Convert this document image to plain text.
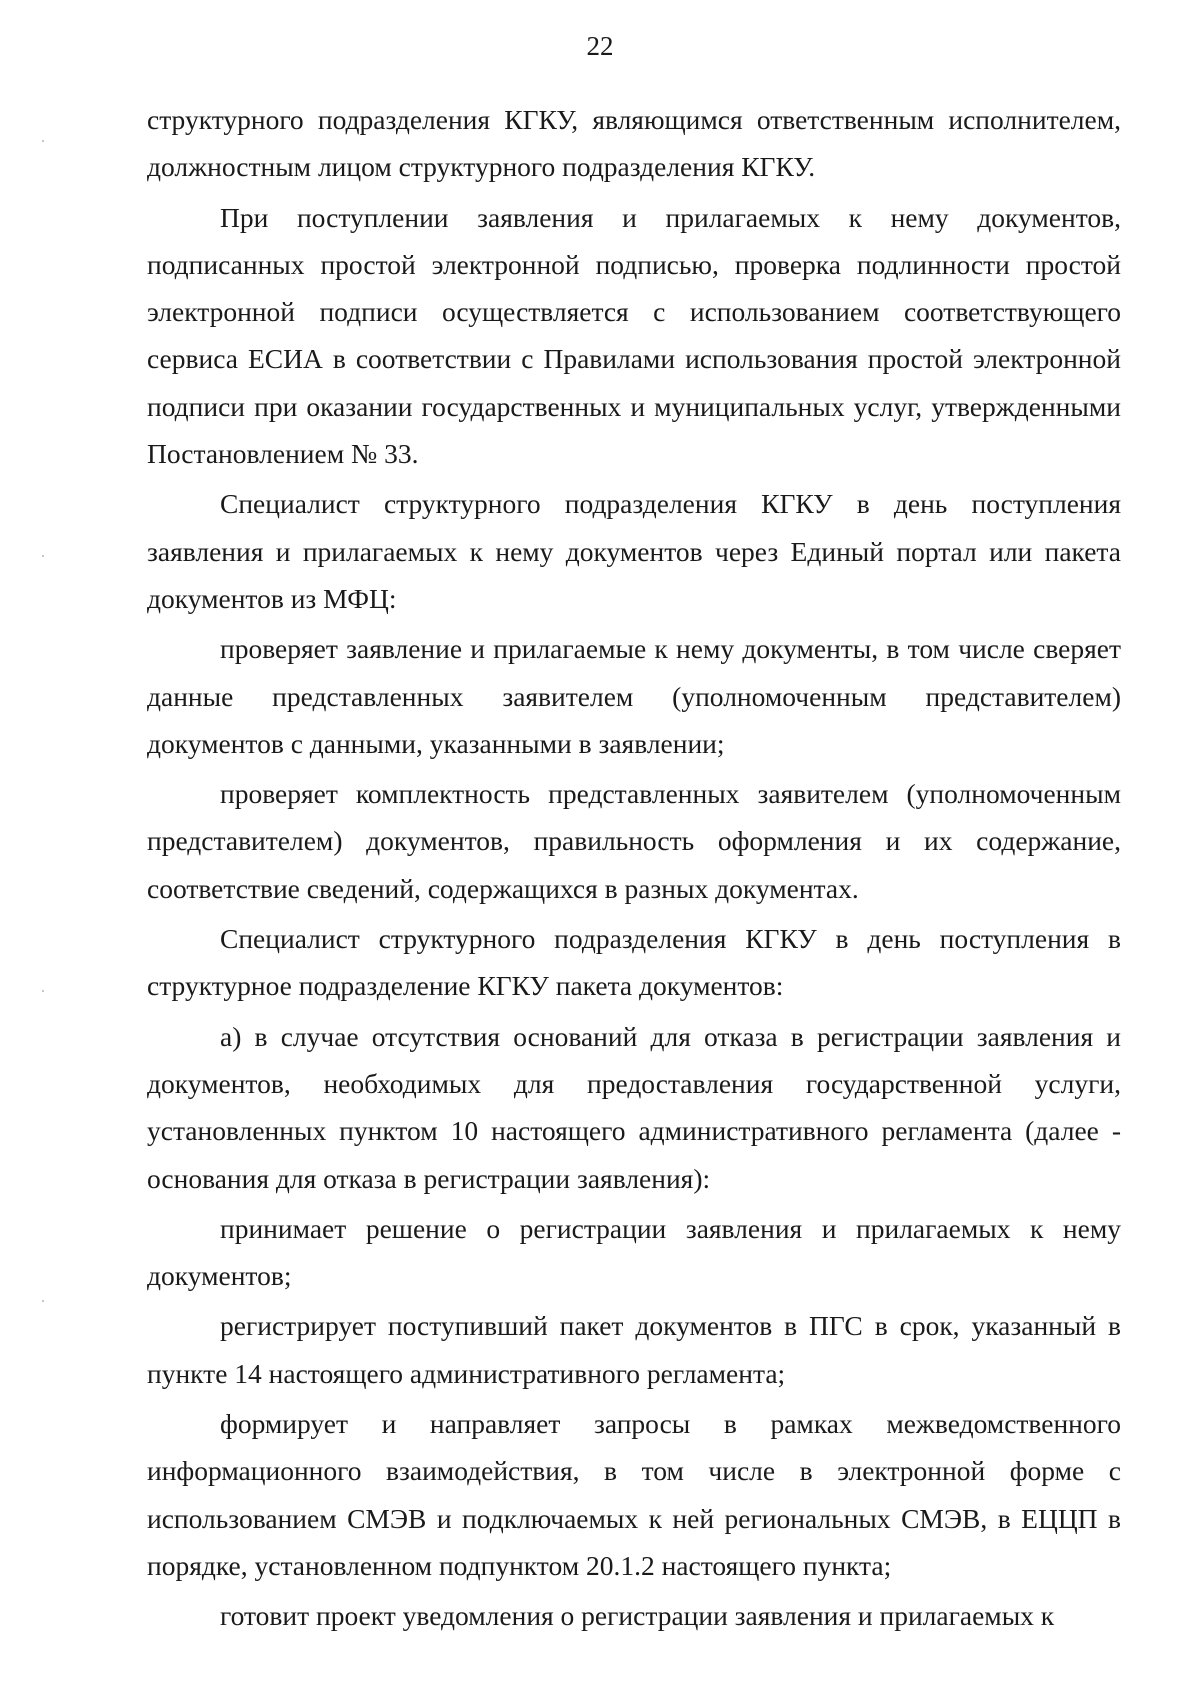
22

структурного подразделения КГКУ, являющимся ответственным исполнителем, должностным лицом структурного подразделения КГКУ.

При поступлении заявления и прилагаемых к нему документов, подписанных простой электронной подписью, проверка подлинности простой электронной подписи осуществляется с использованием соответствующего сервиса ЕСИА в соответствии с Правилами использования простой электронной подписи при оказании государственных и муниципальных услуг, утвержденными Постановлением № 33.

Специалист структурного подразделения КГКУ в день поступления заявления и прилагаемых к нему документов через Единый портал или пакета документов из МФЦ:

проверяет заявление и прилагаемые к нему документы, в том числе сверяет данные представленных заявителем (уполномоченным представителем) документов с данными, указанными в заявлении;

проверяет комплектность представленных заявителем (уполномоченным представителем) документов, правильность оформления и их содержание, соответствие сведений, содержащихся в разных документах.

Специалист структурного подразделения КГКУ в день поступления в структурное подразделение КГКУ пакета документов:

а) в случае отсутствия оснований для отказа в регистрации заявления и документов, необходимых для предоставления государственной услуги, установленных пунктом 10 настоящего административного регламента (далее - основания для отказа в регистрации заявления):

принимает решение о регистрации заявления и прилагаемых к нему документов;

регистрирует поступивший пакет документов в ПГС в срок, указанный в пункте 14 настоящего административного регламента;

формирует и направляет запросы в рамках межведомственного информационного взаимодействия, в том числе в электронной форме с использованием СМЭВ и подключаемых к ней региональных СМЭВ, в ЕЦЦП в порядке, установленном подпунктом 20.1.2 настоящего пункта;

готовит проект уведомления о регистрации заявления и прилагаемых к
